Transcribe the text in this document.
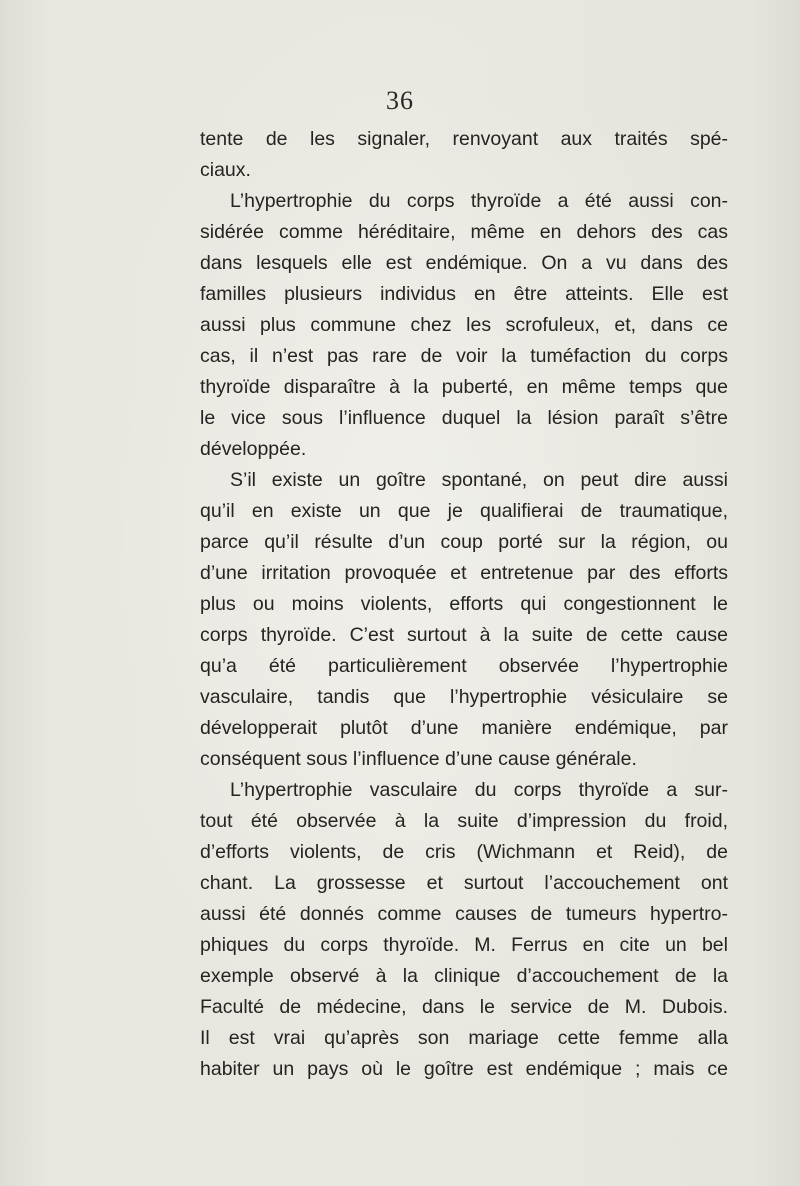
36
tente de les signaler, renvoyant aux traités spé-
ciaux.
L’hypertrophie du corps thyroïde a été aussi con-
sidérée comme héréditaire, même en dehors des cas
dans lesquels elle est endémique. On a vu dans des
familles plusieurs individus en être atteints. Elle est
aussi plus commune chez les scrofuleux, et, dans ce
cas, il n’est pas rare de voir la tuméfaction du corps
thyroïde disparaître à la puberté, en même temps que
le vice sous l’influence duquel la lésion paraît s’être
développée.
S’il existe un goître spontané, on peut dire aussi
qu’il en existe un que je qualifierai de traumatique,
parce qu’il résulte d’un coup porté sur la région, ou
d’une irritation provoquée et entretenue par des efforts
plus ou moins violents, efforts qui congestionnent le
corps thyroïde. C’est surtout à la suite de cette cause
qu’a été particulièrement observée l’hypertrophie
vasculaire, tandis que l’hypertrophie vésiculaire se
développerait plutôt d’une manière endémique, par
conséquent sous l’influence d’une cause générale.
L’hypertrophie vasculaire du corps thyroïde a sur-
tout été observée à la suite d’impression du froid,
d’efforts violents, de cris (Wichmann et Reid), de
chant. La grossesse et surtout l’accouchement ont
aussi été donnés comme causes de tumeurs hypertro-
phiques du corps thyroïde. M. Ferrus en cite un bel
exemple observé à la clinique d’accouchement de la
Faculté de médecine, dans le service de M. Dubois.
Il est vrai qu’après son mariage cette femme alla
habiter un pays où le goître est endémique ; mais ce
